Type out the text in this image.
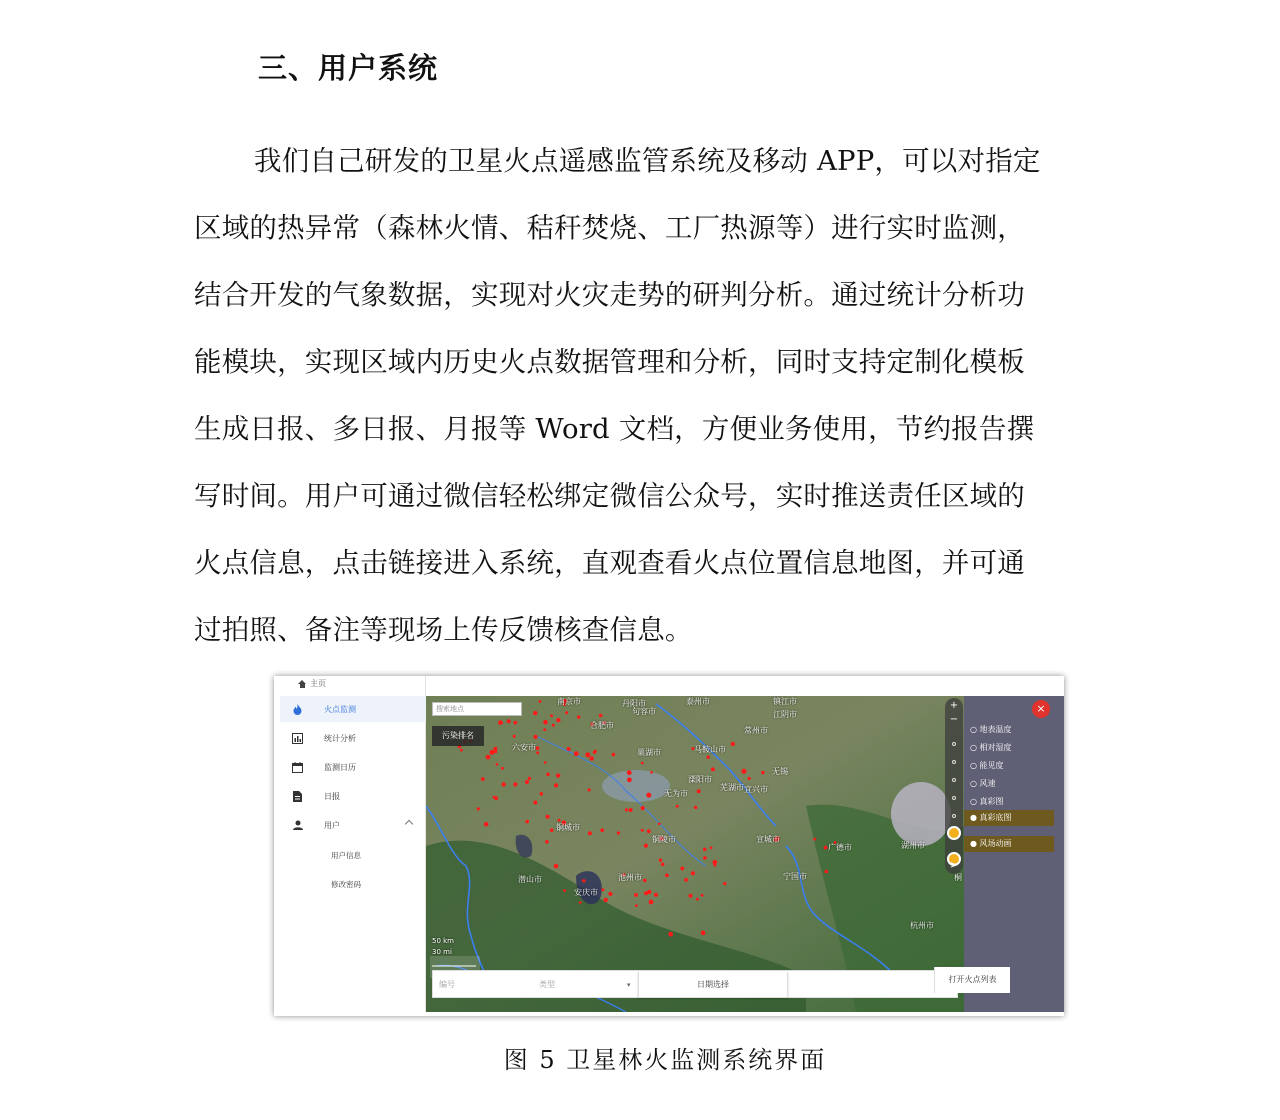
三、用户系统
我们自己研发的卫星火点遥感监管系统及移动 APP，可以对指定
区域的热异常（森林火情、秸秆焚烧、工厂热源等）进行实时监测，
结合开发的气象数据，实现对火灾走势的研判分析。通过统计分析功
能模块，实现区域内历史火点数据管理和分析，同时支持定制化模板
生成日报、多日报、月报等 Word 文档，方便业务使用，节约报告撰
写时间。用户可通过微信轻松绑定微信公众号，实时推送责任区域的
火点信息，点击链接进入系统，直观查看火点位置信息地图，并可通
过拍照、备注等现场上传反馈核查信息。
主页
火点监测
统计分析
监测日历
日报
用户
用户信息
修改密码
南京市	丹阳市	泰州市	镇江市
江阴市
常州市
句容市
六安市
合肥市
巢湖市	马鞍山市
溧阳市
宜兴市
无锡
无为市
芜湖市
铜城市
铜陵市	宣城市
广德市	湖州市
潜山市	池州市
安庆市
宁国市
杭州市
桐
50 km
30 mi
搜索地点
污染排名
+
−
>
×
○ 地表温度
○ 相对湿度
○ 能见度
○ 风速
○ 真彩图
● 真彩底图
● 风场动画
编号	类型	▾	日期选择
打开火点列表
图 5 卫星林火监测系统界面
